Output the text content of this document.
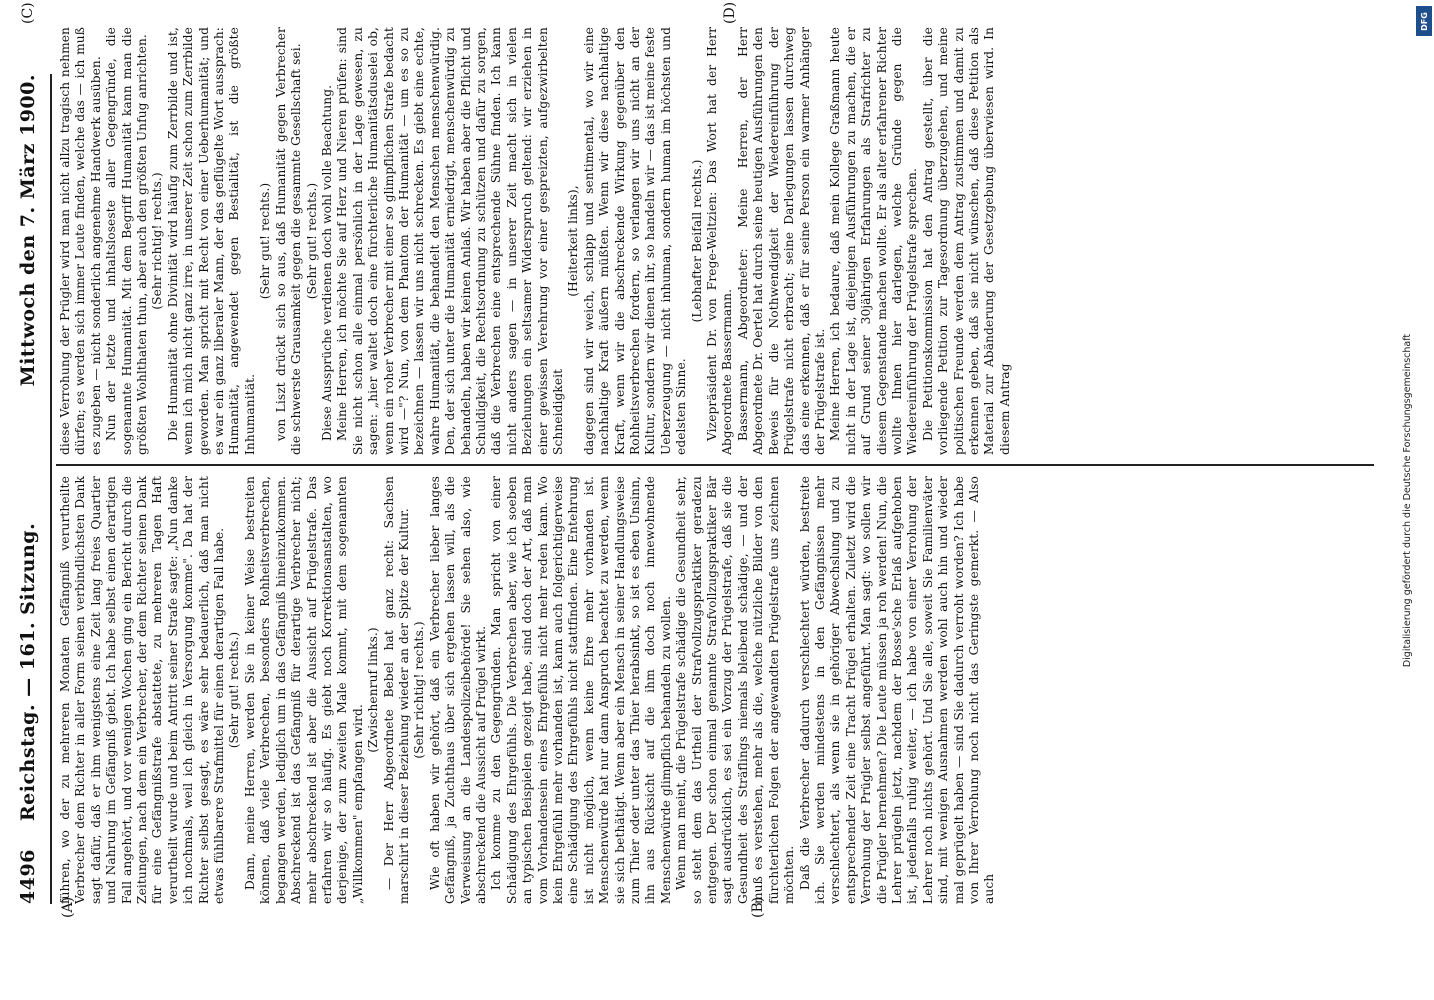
4496
Reichstag. — 161. Sitzung.
Mittwoch den 7. März 1900.
(A)	(B)
(C)	(D)

führen, wo der zu mehreren Monaten Gefängniß verurtheilte Verbrecher dem Richter in aller Form seinen verbindlichsten Dank sagt dafür, daß er ihm wenigstens eine Zeit lang freies Quartier und Nahrung im Gefängniß giebt. Ich habe selbst einen derartigen Fall angehört, und vor wenigen Wochen ging ein Bericht durch die Zeitungen, nach dem ein Verbrecher, der dem Richter seinen Dank für eine Gefängnißstrafe abstattete, zu mehreren Tagen Haft verurtheilt wurde und beim Antritt seiner Strafe sagte: „Nun danke ich nochmals, weil ich gleich in Versorgung komme". Da hat der Richter selbst gesagt, es wäre sehr bedauerlich, daß man nicht etwas fühlbarere Strafmittel für einen derartigen Fall habe. (Sehr gut! rechts.) Dann, meine Herren, werden Sie in keiner Weise bestreiten können, daß viele Verbrechen, besonders Rohheitsverbrechen, begangen werden, lediglich um in das Gefängniß hineinzukommen. Abschreckend ist das Gefängniß für derartige Verbrecher nicht; mehr abschreckend ist aber die Aussicht auf Prügelstrafe. Das erfahren wir so häufig. Es giebt noch Korrektionsanstalten, wo derjenige, der zum zweiten Male kommt, mit dem sogenannten „Willkommen" empfangen wird.

(Zwischenruf links.) — Der Herr Abgeordnete Bebel hat ganz recht: Sachsen marschirt in dieser Beziehung wieder an der Spitze der Kultur. (Sehr richtig! rechts.) Wie oft haben wir gehört, daß ein Verbrecher lieber langes Gefängniß, ja Zuchthaus über sich ergehen lassen will, als die Verweisung an die Landespolizeibehörde! Sie sehen also, wie abschreckend die Aussicht auf Prügel wirkt. Ich komme zu den Gegengründen. Man spricht von einer Schädigung des Ehrgefühls. Die Verbrechen aber, wie ich soeben an typischen Beispielen gezeigt habe, sind doch der Art, daß man vom Vorhandensein eines Ehrgefühls nicht mehr reden kann. Wo kein Ehrgefühl mehr vorhanden ist, kann auch folgerichtigerweise eine Schädigung des Ehrgefühls nicht stattfinden. Eine Entehrung ist nicht möglich, wenn keine Ehre mehr vorhanden ist. Menschenwürde hat nur dann Anspruch beachtet zu werden, wenn sie sich bethätigt. Wenn aber ein Mensch in seiner Handlungsweise zum Thier oder unter das Thier herabsinkt, so ist es eben Unsinn, ihn aus Rücksicht auf die ihm doch noch innewohnende Menschenwürde glimpflich behandeln zu wollen. Wenn man meint, die Prügelstrafe schädige die Gesundheit sehr, so steht dem das Urtheil der Strafvollzugspraktiker geradezu entgegen. Der schon einmal genannte Strafvollzugspraktiker Bär sagt ausdrücklich, es sei ein Vorzug der Prügelstrafe, daß sie die Gesundheit des Sträflings niemals bleibend schädige, — und der muß es verstehen, mehr als die, welche nützliche Bilder von den fürchterlichen Folgen der angewandten Prügelstrafe uns zeichnen möchten. Daß die Verbrecher dadurch verschlechtert würden, bestreite ich. Sie werden mindestens in den Gefängnissen mehr verschlechtert, als wenn sie in gehöriger Abwechslung und zu entsprechender Zeit eine Tracht Prügel erhalten. Zuletzt wird die Verrohung der Prügler selbst angeführt. Man sagt: wo sollen wir die Prügler hernehmen? Die Leute müssen ja roh werden! Nun, die Lehrer prügeln jetzt, nachdem der Bosse'sche Erlaß aufgehoben ist, jedenfalls ruhig weiter, — ich habe von einer Verrohung der Lehrer noch nichts gehört. Und Sie alle, soweit Sie Familienväter sind, mit wenigen Ausnahmen werden wohl auch hin und wieder mal geprügelt haben — sind Sie dadurch verroht worden? Ich habe von Ihrer Verrohung noch nicht das Geringste gemerkt. — Also auch

diese Verrohung der Prügler wird man nicht allzu tragisch nehmen dürfen; es werden sich immer Leute finden, welche das — ich muß es zugeben — nicht sonderlich angenehme Handwerk ausüben. Nun der letzte und inhaltsloseste aller Gegengründe, die sogenannte Humanität. Mit dem Begriff Humanität kann man die größten Wohlthaten thun, aber auch den größten Unfug anrichten. (Sehr richtig! rechts.) Die Humanität ohne Divinität wird häufig zum Zerrbilde und ist, wenn ich mich nicht ganz irre, in unserer Zeit schon zum Zerrbilde geworden. Man spricht mit Recht von einer Ueberhumanität; und es war ein ganz liberaler Mann, der das geflügelte Wort aussprach: Humanität, angewendet gegen Bestialität, ist die größte Inhumanität.

(Sehr gut! rechts.) von Liszt drückt sich so aus, daß Humanität gegen Verbrecher die schwerste Grausamkeit gegen die gesammte Gesellschaft sei. (Sehr gut! rechts.) Diese Aussprüche verdienen doch wohl volle Beachtung. Meine Herren, ich möchte Sie auf Herz und Nieren prüfen: sind Sie nicht schon alle einmal persönlich in der Lage gewesen, zu sagen: „hier waltet doch eine fürchterliche Humanitätsduselei ob, wenn ein roher Verbrecher mit einer so glimpflichen Strafe bedacht wird —"? Nun, von dem Phantom der Humanität — um es so zu bezeichnen — lassen wir uns nicht schrecken. Es giebt eine echte, wahre Humanität, die behandelt den Menschen menschenwürdig. Den, der sich unter die Humanität erniedrigt, menschenwürdig zu behandeln, haben wir keinen Anlaß. Wir haben aber die Pflicht und Schuldigkeit, die Rechtsordnung zu schützen und dafür zu sorgen, daß die Verbrechen eine entsprechende Sühne finden. Ich kann nicht anders sagen — in unserer Zeit macht sich in vielen Beziehungen ein seltsamer Widerspruch geltend: wir erziehen in einer gewissen Verehrung vor einer gespreizten, aufgezwirbelten Schneidigkeit

(Heiterkeit links), dagegen sind wir weich, schlapp und sentimental, wo wir eine nachhaltige Kraft äußern müßten. Wenn wir diese nachhaltige Kraft, wenn wir die abschreckende Wirkung gegenüber den Rohheitsverbrechen fordern, so verlangen wir uns nicht an der Kultur, sondern wir dienen ihr, so handeln wir — das ist meine feste Ueberzeugung — nicht inhuman, sondern human im höchsten und edelsten Sinne.

(Lebhafter Beifall rechts.) Vizepräsident Dr. von Frege-Weltzien: Das Wort hat der Herr Abgeordnete Bassermann. Bassermann, Abgeordneter: Meine Herren, der Herr Abgeordnete Dr. Oertel hat durch seine heutigen Ausführungen den Beweis für die Nothwendigkeit der Wiedereinführung der Prügelstrafe nicht erbracht; seine Darlegungen lassen durchweg das eine erkennen, daß er für seine Person ein warmer Anhänger der Prügelstrafe ist. Meine Herren, ich bedaure, daß mein Kollege Graßmann heute nicht in der Lage ist, diejenigen Ausführungen zu machen, die er auf Grund seiner 30jährigen Erfahrungen als Strafrichter zu diesem Gegenstande machen wollte. Er als alter erfahrener Richter wollte Ihnen hier darlegen, welche Gründe gegen die Wiedereinführung der Prügelstrafe sprechen. Die Petitionskommission hat den Antrag gestellt, über die vorliegende Petition zur Tagesordnung überzugehen, und meine politischen Freunde werden dem Antrag zustimmen und damit zu erkennen geben, daß sie nicht wünschen, daß diese Petition als Material zur Abänderung der Gesetzgebung überwiesen wird. In diesem Antrag	Digitalisierung gefördert durch die Deutsche Forschungsgemeinschaft
DFG
